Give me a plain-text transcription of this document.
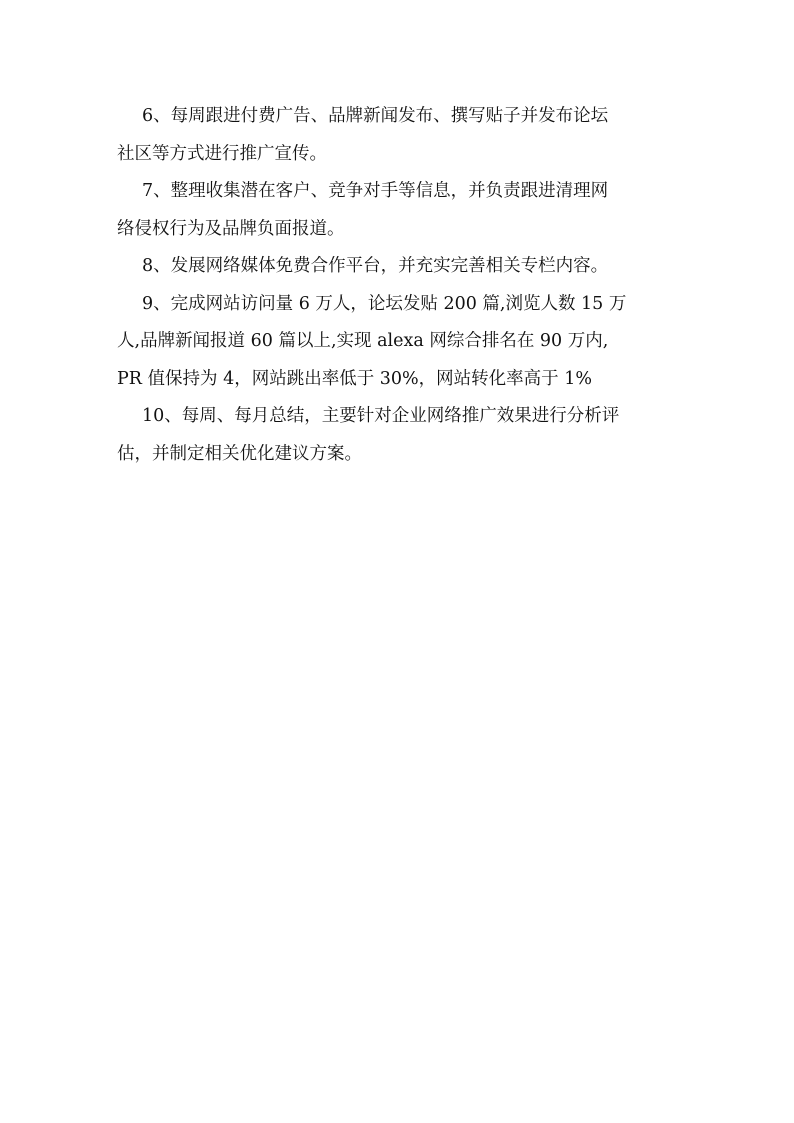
6、每周跟进付费广告、品牌新闻发布、撰写贴子并发布论坛
社区等方式进行推广宣传。
7、整理收集潜在客户、竞争对手等信息，并负责跟进清理网
络侵权行为及品牌负面报道。
8、发展网络媒体免费合作平台，并充实完善相关专栏内容。
9、完成网站访问量 6 万人，论坛发贴 200 篇,浏览人数 15 万
人,品牌新闻报道 60 篇以上,实现 alexa 网综合排名在 90 万内,
PR 值保持为 4，网站跳出率低于 30%，网站转化率高于 1%
10、每周、每月总结，主要针对企业网络推广效果进行分析评
估，并制定相关优化建议方案。
